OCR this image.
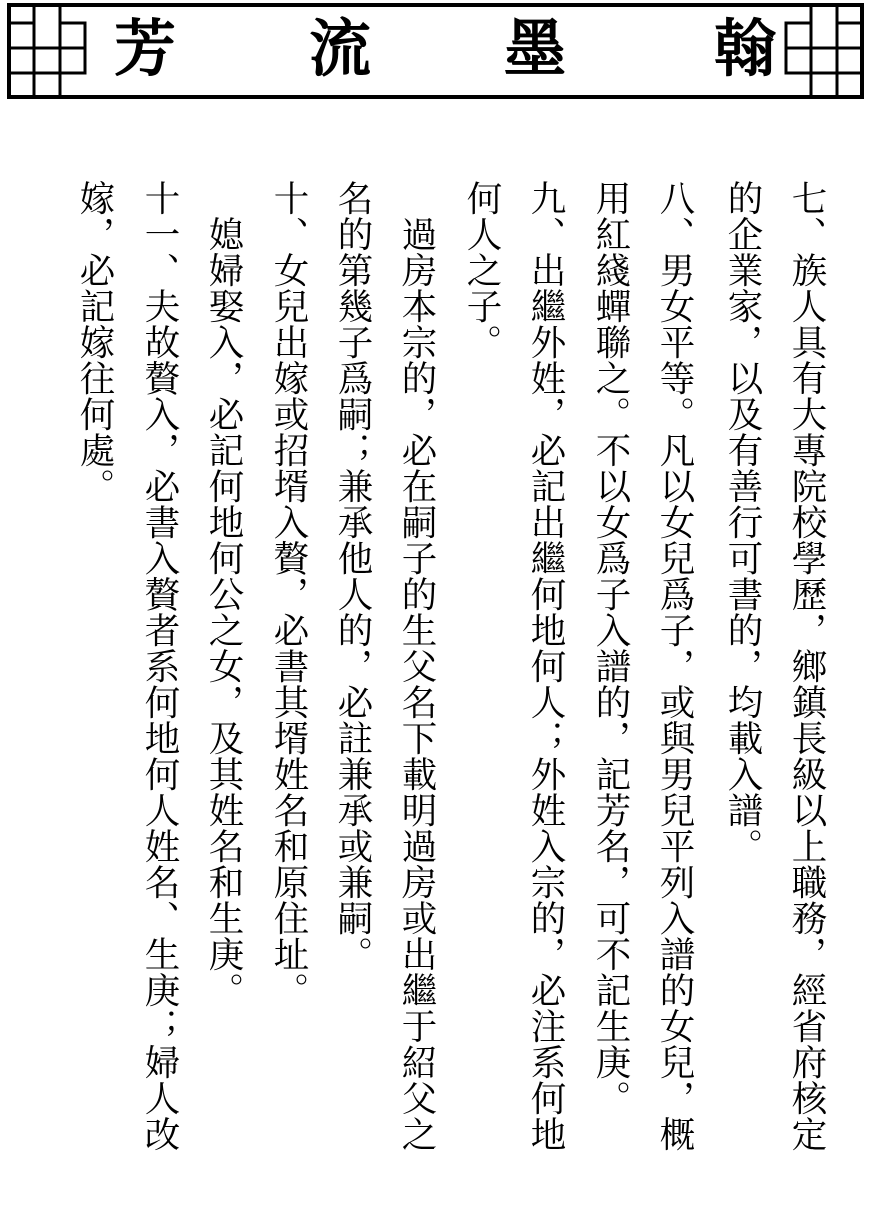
翰
墨
流
芳
七、族人具有大專院校學歷，鄉鎮長級以上職務，經省府核定
的企業家，以及有善行可書的，均載入譜。
八、男女平等。凡以女兒爲子，或與男兒平列入譜的女兒，概
用紅綫蟬聯之。不以女爲子入譜的，記芳名，可不記生庚。
九、出繼外姓，必記出繼何地何人；外姓入宗的，必注系何地
何人之子。
　過房本宗的，必在嗣子的生父名下載明過房或出繼于紹父之
名的第幾子爲嗣；兼承他人的，必註兼承或兼嗣。
十、女兒出嫁或招壻入贅，必書其壻姓名和原住址。
　媳婦娶入，必記何地何公之女，及其姓名和生庚。
十一、夫故贅入，必書入贅者系何地何人姓名、生庚；婦人改
嫁，必記嫁往何處。
